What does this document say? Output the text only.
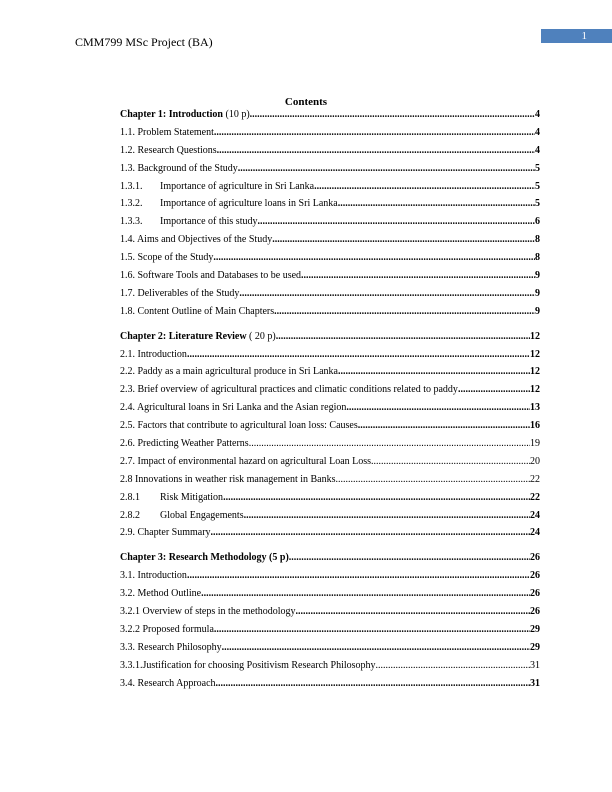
CMM799 MSc Project (BA)	1
Contents
Chapter 1: Introduction (10 p) .....	4
1.1. Problem Statement .....	4
1.2. Research Questions .....	4
1.3. Background of the Study .....	5
1.3.1.	Importance of agriculture in Sri Lanka .....	5
1.3.2.	Importance of agriculture loans in Sri Lanka .....	5
1.3.3.	Importance of this study .....	6
1.4. Aims and Objectives of the Study .....	8
1.5. Scope of the Study .....	8
1.6. Software Tools and Databases to be used .....	9
1.7. Deliverables of the Study .....	9
1.8. Content Outline of Main Chapters .....	9
Chapter 2: Literature Review ( 20 p) .....	12
2.1. Introduction .....	12
2.2. Paddy as a main agricultural produce in Sri Lanka .....	12
2.3. Brief overview of agricultural practices and climatic conditions related to paddy .....	12
2.4. Agricultural loans in Sri Lanka and the Asian region .....	13
2.5. Factors that contribute to agricultural loan loss: Causes .....	16
2.6. Predicting Weather Patterns .....	19
2.7. Impact of environmental hazard on agricultural Loan Loss .....	20
2.8 Innovations in weather risk management in Banks .....	22
2.8.1	Risk Mitigation .....	22
2.8.2	Global Engagements .....	24
2.9. Chapter Summary .....	24
Chapter 3: Research Methodology (5 p) .....	26
3.1. Introduction .....	26
3.2. Method Outline .....	26
3.2.1 Overview of steps in the methodology .....	26
3.2.2 Proposed formula .....	29
3.3. Research Philosophy .....	29
3.3.1.Justification for choosing Positivism Research Philosophy .....	31
3.4. Research Approach .....	31
